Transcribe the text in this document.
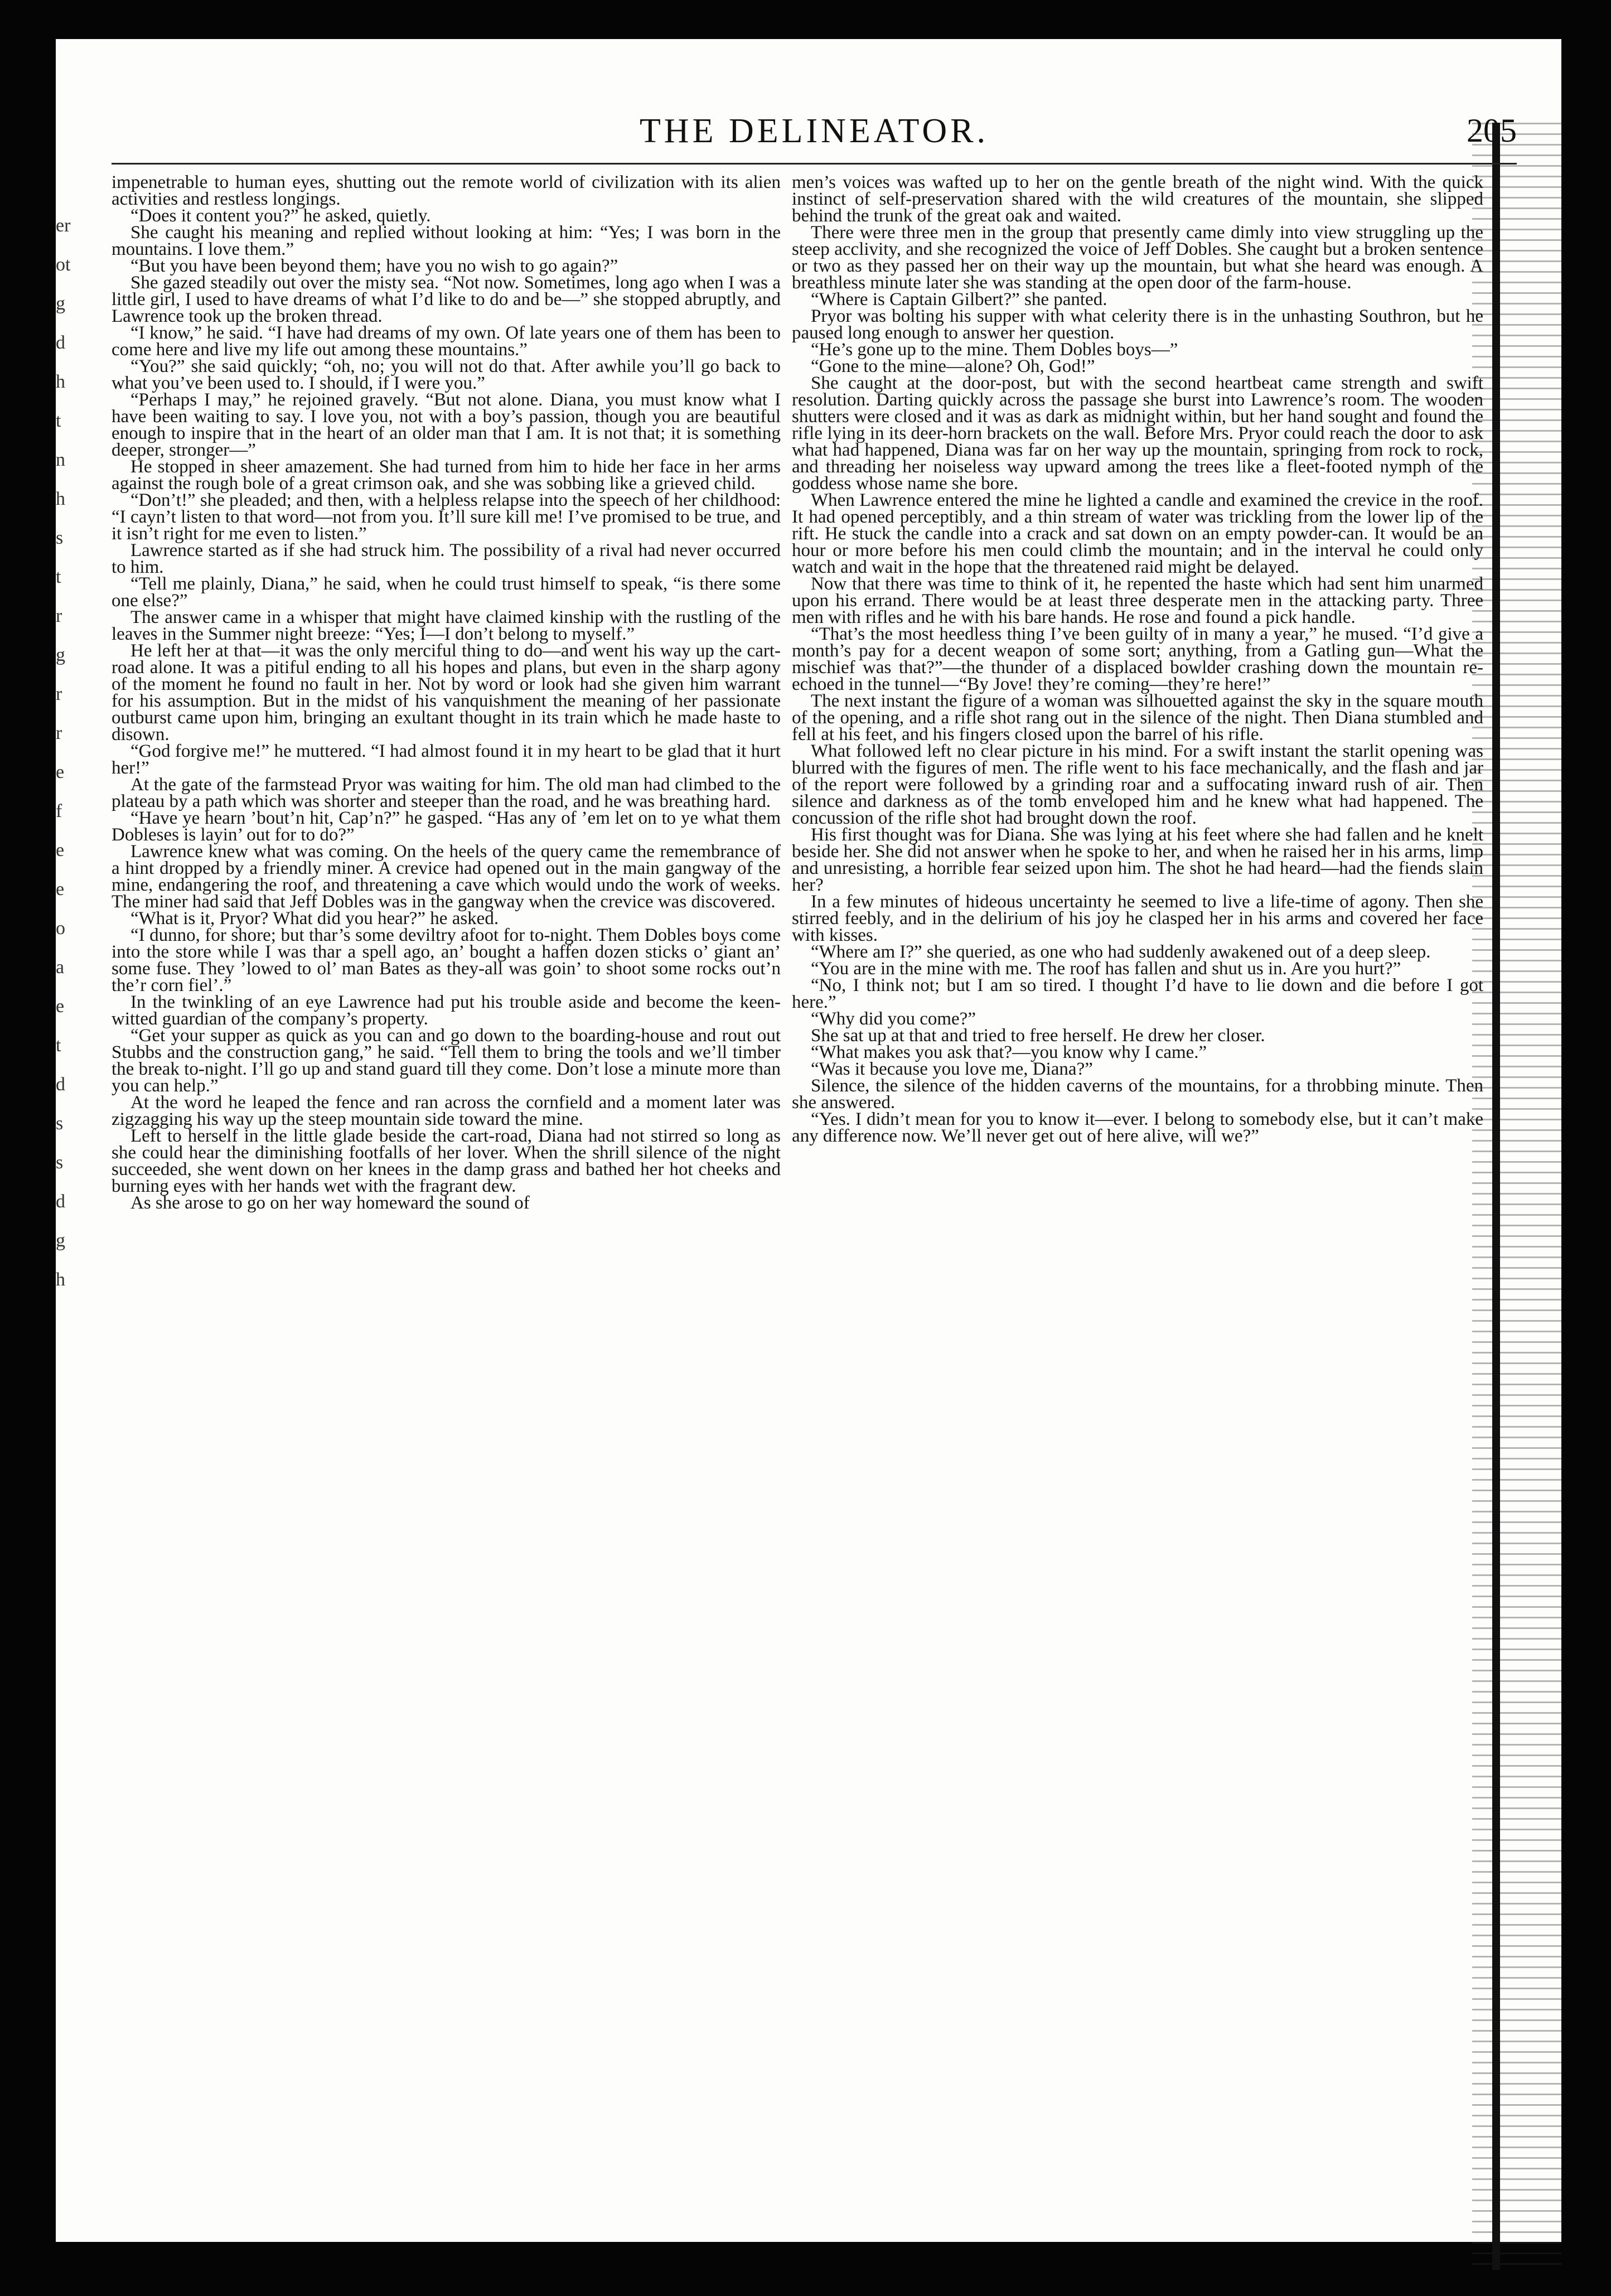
er
ot
g
d
h
t
n
h
s
t
r
g
r
r
e
f
e
e
o
a
e
t
d
s
s
d
g
h
THE DELINEATOR.	205

impenetrable to human eyes, shutting out the remote world of civilization with its alien activities and restless longings.

“Does it content you?” he asked, quietly.

She caught his meaning and replied without looking at him: “Yes; I was born in the mountains. I love them.”

“But you have been beyond them; have you no wish to go again?”

She gazed steadily out over the misty sea. “Not now. Sometimes, long ago when I was a little girl, I used to have dreams of what I’d like to do and be—” she stopped abruptly, and Lawrence took up the broken thread.

“I know,” he said. “I have had dreams of my own. Of late years one of them has been to come here and live my life out among these mountains.”

“You?” she said quickly; “oh, no; you will not do that. After awhile you’ll go back to what you’ve been used to. I should, if I were you.”

“Perhaps I may,” he rejoined gravely. “But not alone. Diana, you must know what I have been waiting to say. I love you, not with a boy’s passion, though you are beautiful enough to inspire that in the heart of an older man that I am. It is not that; it is something deeper, stronger—”

He stopped in sheer amazement. She had turned from him to hide her face in her arms against the rough bole of a great crimson oak, and she was sobbing like a grieved child.

“Don’t!” she pleaded; and then, with a helpless relapse into the speech of her childhood: “I cayn’t listen to that word—not from you. It’ll sure kill me! I’ve promised to be true, and it isn’t right for me even to listen.”

Lawrence started as if she had struck him. The possibility of a rival had never occurred to him.

“Tell me plainly, Diana,” he said, when he could trust himself to speak, “is there some one else?”

The answer came in a whisper that might have claimed kinship with the rustling of the leaves in the Summer night breeze: “Yes; I—I don’t belong to myself.”

He left her at that—it was the only merciful thing to do—and went his way up the cart-road alone. It was a pitiful ending to all his hopes and plans, but even in the sharp agony of the moment he found no fault in her. Not by word or look had she given him warrant for his assumption. But in the midst of his vanquishment the meaning of her passionate outburst came upon him, bringing an exultant thought in its train which he made haste to disown.

“God forgive me!” he muttered. “I had almost found it in my heart to be glad that it hurt her!”

At the gate of the farmstead Pryor was waiting for him. The old man had climbed to the plateau by a path which was shorter and steeper than the road, and he was breathing hard.

“Have ye hearn ’bout’n hit, Cap’n?” he gasped. “Has any of ’em let on to ye what them Dobleses is layin’ out for to do?”

Lawrence knew what was coming. On the heels of the query came the remembrance of a hint dropped by a friendly miner. A crevice had opened out in the main gangway of the mine, endangering the roof, and threatening a cave which would undo the work of weeks. The miner had said that Jeff Dobles was in the gangway when the crevice was discovered.

“What is it, Pryor? What did you hear?” he asked.

“I dunno, for shore; but thar’s some deviltry afoot for to-night. Them Dobles boys come into the store while I was thar a spell ago, an’ bought a haffen dozen sticks o’ giant an’ some fuse. They ’lowed to ol’ man Bates as they-all was goin’ to shoot some rocks out’n the’r corn fiel’.”

In the twinkling of an eye Lawrence had put his trouble aside and become the keen-witted guardian of the company’s property.

“Get your supper as quick as you can and go down to the boarding-house and rout out Stubbs and the construction gang,” he said. “Tell them to bring the tools and we’ll timber the break to-night. I’ll go up and stand guard till they come. Don’t lose a minute more than you can help.”

At the word he leaped the fence and ran across the cornfield and a moment later was zigzagging his way up the steep mountain side toward the mine.

Left to herself in the little glade beside the cart-road, Diana had not stirred so long as she could hear the diminishing footfalls of her lover. When the shrill silence of the night succeeded, she went down on her knees in the damp grass and bathed her hot cheeks and burning eyes with her hands wet with the fragrant dew.

As she arose to go on her way homeward the sound of

men’s voices was wafted up to her on the gentle breath of the night wind. With the quick instinct of self-preservation shared with the wild creatures of the mountain, she slipped behind the trunk of the great oak and waited.

There were three men in the group that presently came dimly into view struggling up the steep acclivity, and she recognized the voice of Jeff Dobles. She caught but a broken sentence or two as they passed her on their way up the mountain, but what she heard was enough. A breathless minute later she was standing at the open door of the farm-house.

“Where is Captain Gilbert?” she panted.

Pryor was bolting his supper with what celerity there is in the unhasting Southron, but he paused long enough to answer her question.

“He’s gone up to the mine. Them Dobles boys—”

“Gone to the mine—alone? Oh, God!”

She caught at the door-post, but with the second heartbeat came strength and swift resolution. Darting quickly across the passage she burst into Lawrence’s room. The wooden shutters were closed and it was as dark as midnight within, but her hand sought and found the rifle lying in its deer-horn brackets on the wall. Before Mrs. Pryor could reach the door to ask what had happened, Diana was far on her way up the mountain, springing from rock to rock, and threading her noiseless way upward among the trees like a fleet-footed nymph of the goddess whose name she bore.

When Lawrence entered the mine he lighted a candle and examined the crevice in the roof. It had opened perceptibly, and a thin stream of water was trickling from the lower lip of the rift. He stuck the candle into a crack and sat down on an empty powder-can. It would be an hour or more before his men could climb the mountain; and in the interval he could only watch and wait in the hope that the threatened raid might be delayed.

Now that there was time to think of it, he repented the haste which had sent him unarmed upon his errand. There would be at least three desperate men in the attacking party. Three men with rifles and he with his bare hands. He rose and found a pick handle.

“That’s the most heedless thing I’ve been guilty of in many a year,” he mused. “I’d give a month’s pay for a decent weapon of some sort; anything, from a Gatling gun—What the mischief was that?”—the thunder of a displaced bowlder crashing down the mountain re-echoed in the tunnel—“By Jove! they’re coming—they’re here!”

The next instant the figure of a woman was silhouetted against the sky in the square mouth of the opening, and a rifle shot rang out in the silence of the night. Then Diana stumbled and fell at his feet, and his fingers closed upon the barrel of his rifle.

What followed left no clear picture in his mind. For a swift instant the starlit opening was blurred with the figures of men. The rifle went to his face mechanically, and the flash and jar of the report were followed by a grinding roar and a suffocating inward rush of air. Then silence and darkness as of the tomb enveloped him and he knew what had happened. The concussion of the rifle shot had brought down the roof.

His first thought was for Diana. She was lying at his feet where she had fallen and he knelt beside her. She did not answer when he spoke to her, and when he raised her in his arms, limp and unresisting, a horrible fear seized upon him. The shot he had heard—had the fiends slain her?

In a few minutes of hideous uncertainty he seemed to live a life-time of agony. Then she stirred feebly, and in the delirium of his joy he clasped her in his arms and covered her face with kisses.

“Where am I?” she queried, as one who had suddenly awakened out of a deep sleep.

“You are in the mine with me. The roof has fallen and shut us in. Are you hurt?”

“No, I think not; but I am so tired. I thought I’d have to lie down and die before I got here.”

“Why did you come?”

She sat up at that and tried to free herself. He drew her closer.

“What makes you ask that?—you know why I came.”

“Was it because you love me, Diana?”

Silence, the silence of the hidden caverns of the mountains, for a throbbing minute. Then she answered.

“Yes. I didn’t mean for you to know it—ever. I belong to somebody else, but it can’t make any difference now. We’ll never get out of here alive, will we?”
